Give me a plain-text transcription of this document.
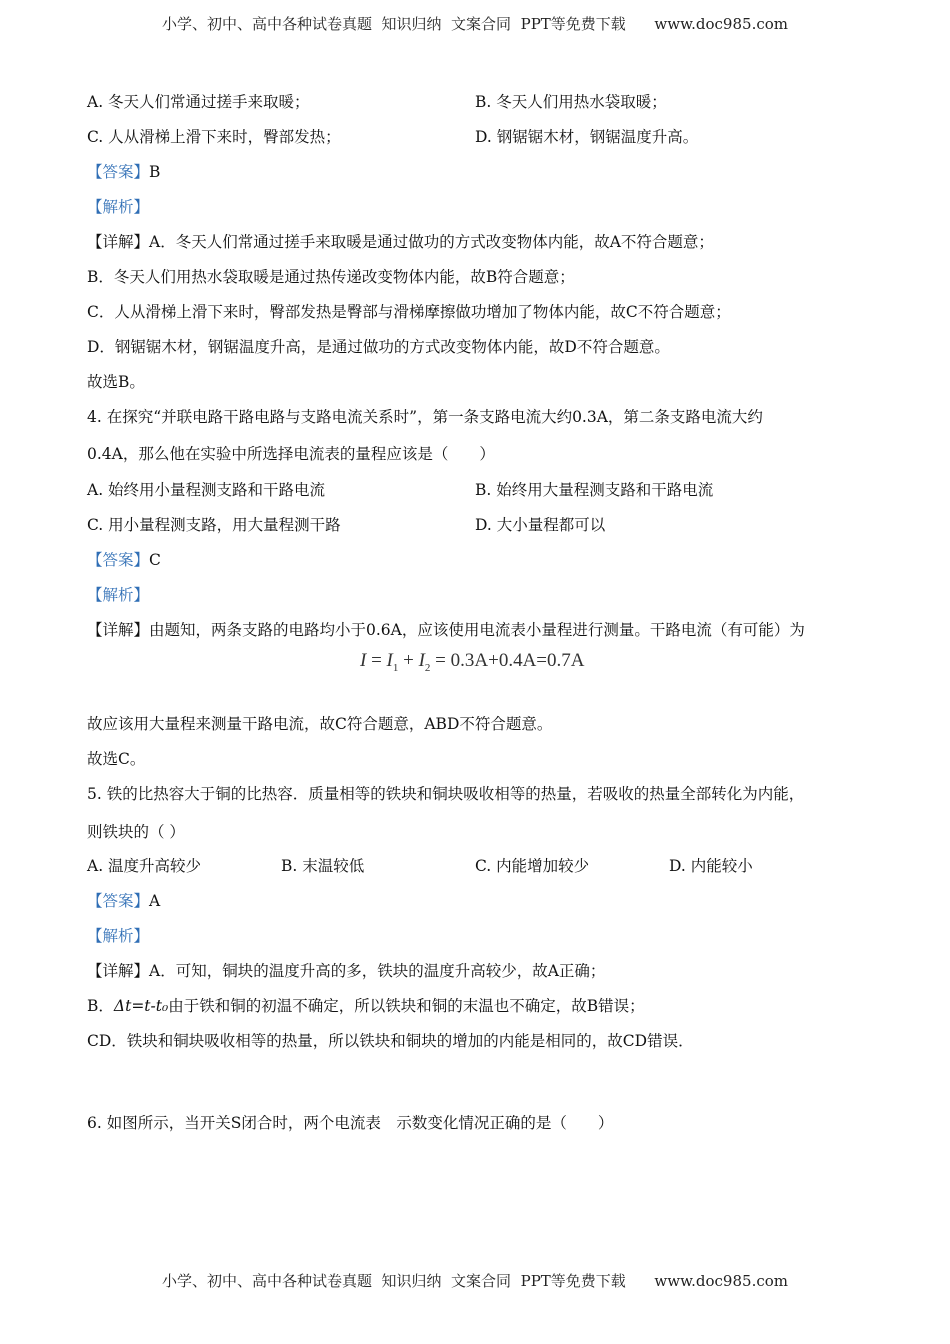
小学、初中、高中各种试卷真题  知识归纳  文案合同  PPT等免费下载      www.doc985.com
A. 冬天人们常通过搓手来取暖；	B. 冬天人们用热水袋取暖；
C. 人从滑梯上滑下来时，臀部发热；	D. 钢锯锯木材，钢锯温度升高。
【答案】B
【解析】
【详解】A．冬天人们常通过搓手来取暖是通过做功的方式改变物体内能，故A不符合题意；
B．冬天人们用热水袋取暖是通过热传递改变物体内能，故B符合题意；
C．人从滑梯上滑下来时，臀部发热是臀部与滑梯摩擦做功增加了物体内能，故C不符合题意；
D．钢锯锯木材，钢锯温度升高，是通过做功的方式改变物体内能，故D不符合题意。
故选B。
4. 在探究“并联电路干路电路与支路电流关系时”，第一条支路电流大约0.3A，第二条支路电流大约
0.4A，那么他在实验中所选择电流表的量程应该是（　　）
A. 始终用小量程测支路和干路电流	B. 始终用大量程测支路和干路电流
C. 用小量程测支路，用大量程测干路	D. 大小量程都可以
【答案】C
【解析】
【详解】由题知，两条支路的电路均小于0.6A，应该使用电流表小量程进行测量。干路电流（有可能）为
$I = I_1 + I_2 = 0.3A+0.4A=0.7A$
故应该用大量程来测量干路电流，故C符合题意，ABD不符合题意。
故选C。
5. 铁的比热容大于铜的比热容．质量相等的铁块和铜块吸收相等的热量，若吸收的热量全部转化为内能，
则铁块的（ ）
A. 温度升高较少	B. 末温较低	C. 内能增加较少	D. 内能较小
【答案】A
【解析】
【详解】A．可知，铜块的温度升高的多，铁块的温度升高较少，故A正确；
B．Δt=t-t₀由于铁和铜的初温不确定，所以铁块和铜的末温也不确定，故B错误；
CD．铁块和铜块吸收相等的热量，所以铁块和铜块的增加的内能是相同的，故CD错误．
6. 如图所示，当开关S闭合时，两个电流表　示数变化情况正确的是（　　）
小学、初中、高中各种试卷真题  知识归纳  文案合同  PPT等免费下载      www.doc985.com
